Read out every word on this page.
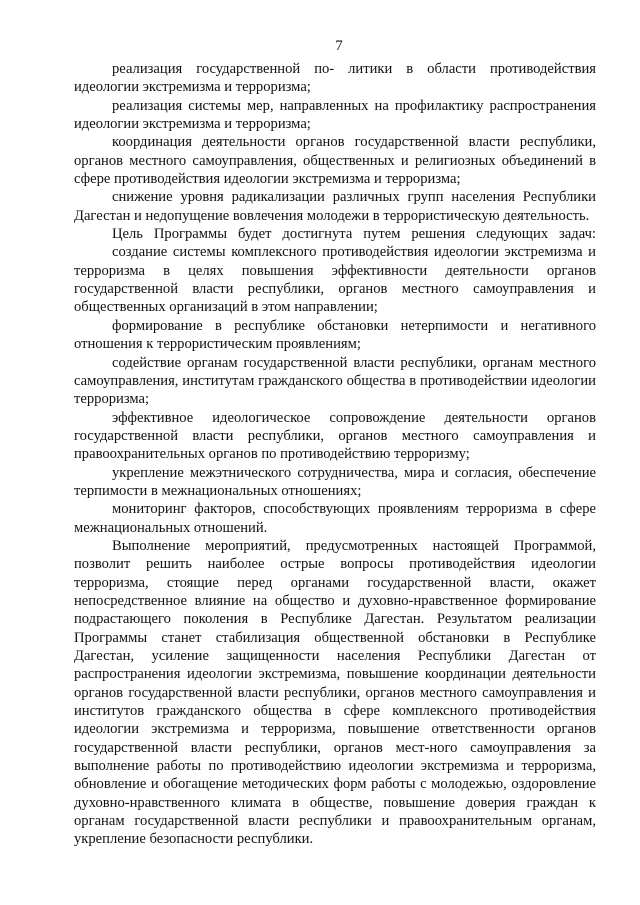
7

реализация государственной по- литики в области противодействия идеологии экстремизма и терроризма;

реализация системы мер, направленных на профилактику распространения идеологии экстремизма и терроризма;

координация деятельности органов государственной власти республики, органов местного самоуправления, общественных и религиозных объединений в сфере противодействия идеологии экстремизма и терроризма;

снижение уровня радикализации различных групп населения Республики Дагестан и недопущение вовлечения молодежи в террористическую деятельность.

Цель Программы будет достигнута путем решения следующих задач:

создание системы комплексного противодействия идеологии экстремизма и терроризма в целях повышения эффективности деятельности органов государственной власти республики, органов местного самоуправления и общественных организаций в этом направлении;

формирование в республике обстановки нетерпимости и негативного отношения к террористическим проявлениям;

содействие органам государственной власти республики, органам местного самоуправления, институтам гражданского общества в противодействии идеологии терроризма;

эффективное идеологическое сопровождение деятельности органов государственной власти республики, органов местного самоуправления и правоохранительных органов по противодействию терроризму;

укрепление межэтнического сотрудничества, мира и согласия, обеспечение терпимости в межнациональных отношениях;

мониторинг факторов, способствующих проявлениям терроризма в сфере межнациональных отношений.

Выполнение мероприятий, предусмотренных настоящей Программой, позволит решить наиболее острые вопросы противодействия идеологии терроризма, стоящие перед органами государственной власти, окажет непосредственное влияние на общество и духовно-нравственное формирование подрастающего поколения в Республике Дагестан. Результатом реализации Программы станет стабилизация общественной обстановки в Республике Дагестан, усиление защищенности населения Республики Дагестан от распространения идеологии экстремизма, повышение координации деятельности органов государственной власти республики, органов местного самоуправления и институтов гражданского общества в сфере комплексного противодействия идеологии экстремизма и терроризма, повышение ответственности органов государственной власти республики, органов мест-ного самоуправления за выполнение работы по противодействию идеологии экстремизма и терроризма, обновление и обогащение методических форм работы с молодежью, оздоровление духовно-нравственного климата в обществе, повышение доверия граждан к органам государственной власти республики и правоохранительным органам, укрепление безопасности республики.
